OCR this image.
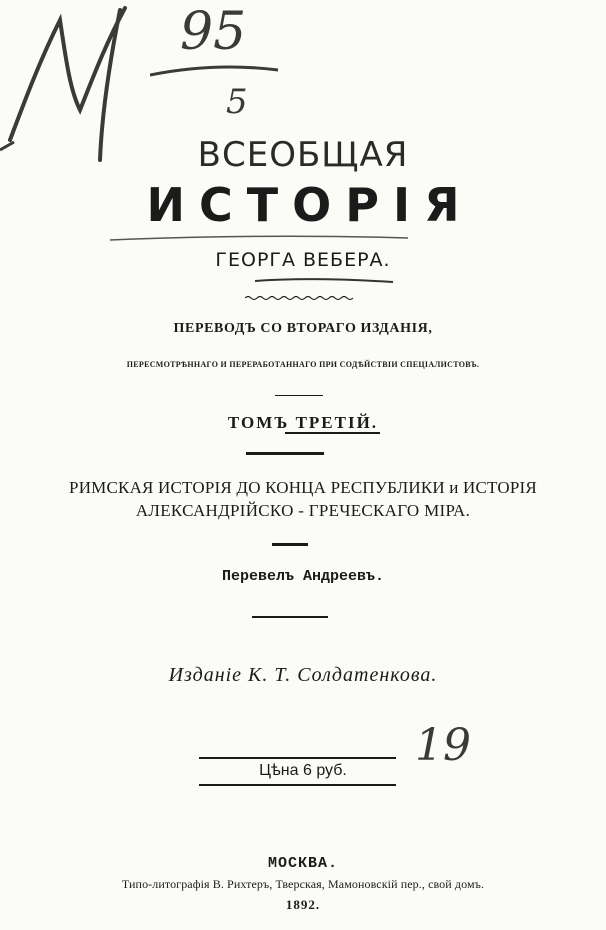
95
5
19
ВСЕОБЩАЯ
ИСТОРІЯ
ГЕОРГА ВЕБЕРА.
ПЕРЕВОДЪ СО ВТОРАГО ИЗДАНІЯ,
ПЕРЕСМОТРѢННАГО И ПЕРЕРАБОТАННАГО ПРИ СОДѢЙСТВІИ СПЕЦІАЛИСТОВЪ.
ТОМЪ ТРЕТІЙ.
РИМСКАЯ ИСТОРІЯ ДО КОНЦА РЕСПУБЛИКИ и ИСТОРІЯ
АЛЕКСАНДРІЙСКО - ГРЕЧЕСКАГО МІРА.
Перевелъ Андреевъ.
Изданіе К. Т. Солдатенкова.
Цѣна 6 руб.
МОСКВА.
Типо-литографія В. Рихтеръ, Тверская, Мамоновскій пер., свой домъ.
1892.
